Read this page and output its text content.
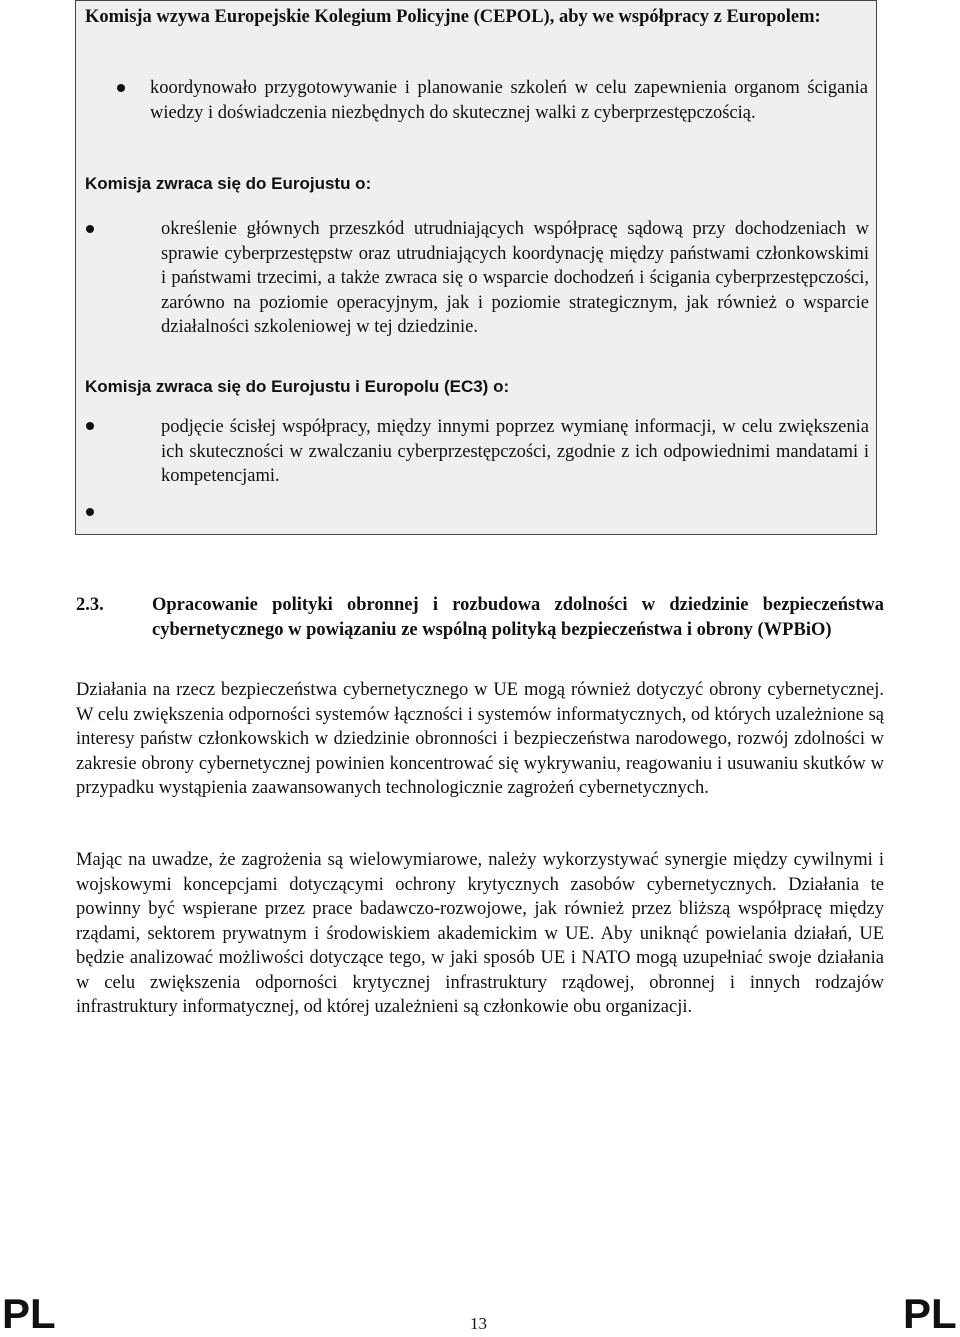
Komisja wzywa Europejskie Kolegium Policyjne (CEPOL), aby we współpracy z Europolem:
koordynowało przygotowywanie i planowanie szkoleń w celu zapewnienia organom ścigania wiedzy i doświadczenia niezbędnych do skutecznej walki z cyberprzestępczością.
Komisja zwraca się do Eurojustu o:
określenie głównych przeszkód utrudniających współpracę sądową przy dochodzeniach w sprawie cyberprzestępstw oraz utrudniających koordynację między państwami członkowskimi i państwami trzecimi, a także zwraca się o wsparcie dochodzeń i ścigania cyberprzestępczości, zarówno na poziomie operacyjnym, jak i poziomie strategicznym, jak również o wsparcie działalności szkoleniowej w tej dziedzinie.
Komisja zwraca się do Eurojustu i Europolu (EC3) o:
podjęcie ścisłej współpracy, między innymi poprzez wymianę informacji, w celu zwiększenia ich skuteczności w zwalczaniu cyberprzestępczości, zgodnie z ich odpowiednimi mandatami i kompetencjami.
2.3.	Opracowanie polityki obronnej i rozbudowa zdolności w dziedzinie bezpieczeństwa cybernetycznego w powiązaniu ze wspólną polityką bezpieczeństwa i obrony (WPBiO)
Działania na rzecz bezpieczeństwa cybernetycznego w UE mogą również dotyczyć obrony cybernetycznej. W celu zwiększenia odporności systemów łączności i systemów informatycznych, od których uzależnione są interesy państw członkowskich w dziedzinie obronności i bezpieczeństwa narodowego, rozwój zdolności w zakresie obrony cybernetycznej powinien koncentrować się wykrywaniu, reagowaniu i usuwaniu skutków w przypadku wystąpienia zaawansowanych technologicznie zagrożeń cybernetycznych.
Mając na uwadze, że zagrożenia są wielowymiarowe, należy wykorzystywać synergie między cywilnymi i wojskowymi koncepcjami dotyczącymi ochrony krytycznych zasobów cybernetycznych. Działania te powinny być wspierane przez prace badawczo-rozwojowe, jak również przez bliższą współpracę między rządami, sektorem prywatnym i środowiskiem akademickim w UE. Aby uniknąć powielania działań, UE będzie analizować możliwości dotyczące tego, w jaki sposób UE i NATO mogą uzupełniać swoje działania w celu zwiększenia odporności krytycznej infrastruktury rządowej, obronnej i innych rodzajów infrastruktury informatycznej, od której uzależnieni są członkowie obu organizacji.
PL	13	PL
